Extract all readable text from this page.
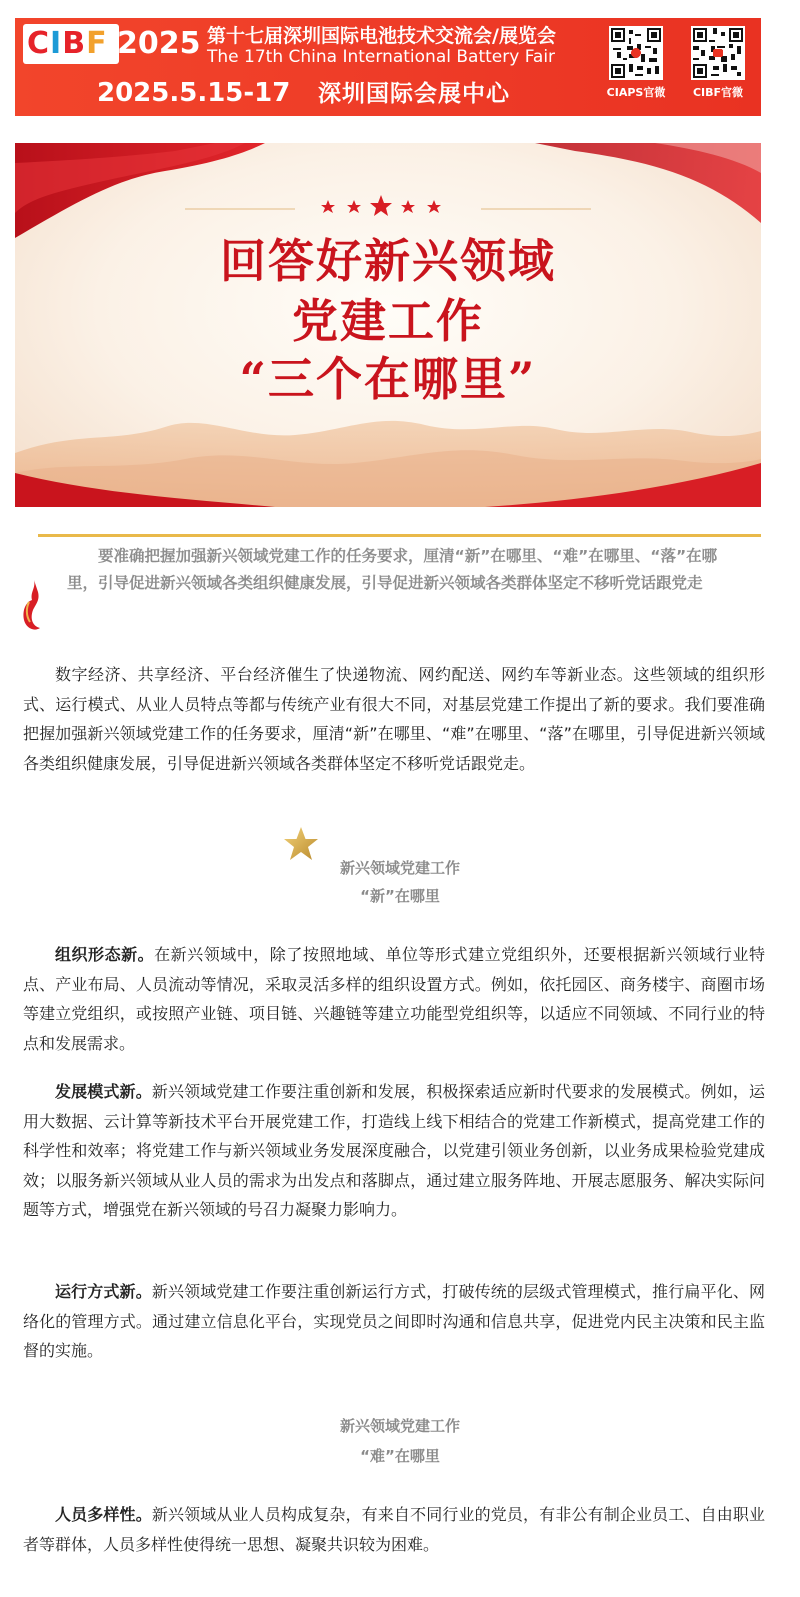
CIBF 2025 第十七届深圳国际电池技术交流会/展览会
The 17th China International Battery Fair
2025.5.15-17 深圳国际会展中心	CIAPS官微	CIBF官微
回答好新兴领域
党建工作
“三个在哪里”
要准确把握加强新兴领域党建工作的任务要求，厘清“新”在哪里、“难”在哪里、“落”在哪里，引导促进新兴领域各类组织健康发展，引导促进新兴领域各类群体坚定不移听党话跟党走
数字经济、共享经济、平台经济催生了快递物流、网约配送、网约车等新业态。这些领域的组织形式、运行模式、从业人员特点等都与传统产业有很大不同，对基层党建工作提出了新的要求。我们要准确把握加强新兴领域党建工作的任务要求，厘清“新”在哪里、“难”在哪里、“落”在哪里，引导促进新兴领域各类组织健康发展，引导促进新兴领域各类群体坚定不移听党话跟党走。
新兴领域党建工作
“新”在哪里
组织形态新。在新兴领域中，除了按照地域、单位等形式建立党组织外，还要根据新兴领域行业特点、产业布局、人员流动等情况，采取灵活多样的组织设置方式。例如，依托园区、商务楼宇、商圈市场等建立党组织，或按照产业链、项目链、兴趣链等建立功能型党组织等，以适应不同领域、不同行业的特点和发展需求。
发展模式新。新兴领域党建工作要注重创新和发展，积极探索适应新时代要求的发展模式。例如，运用大数据、云计算等新技术平台开展党建工作，打造线上线下相结合的党建工作新模式，提高党建工作的科学性和效率；将党建工作与新兴领域业务发展深度融合，以党建引领业务创新，以业务成果检验党建成效；以服务新兴领域从业人员的需求为出发点和落脚点，通过建立服务阵地、开展志愿服务、解决实际问题等方式，增强党在新兴领域的号召力凝聚力影响力。
运行方式新。新兴领域党建工作要注重创新运行方式，打破传统的层级式管理模式，推行扁平化、网络化的管理方式。通过建立信息化平台，实现党员之间即时沟通和信息共享，促进党内民主决策和民主监督的实施。
新兴领域党建工作
“难”在哪里
人员多样性。新兴领域从业人员构成复杂，有来自不同行业的党员，有非公有制企业员工、自由职业者等群体，人员多样性使得统一思想、凝聚共识较为困难。
